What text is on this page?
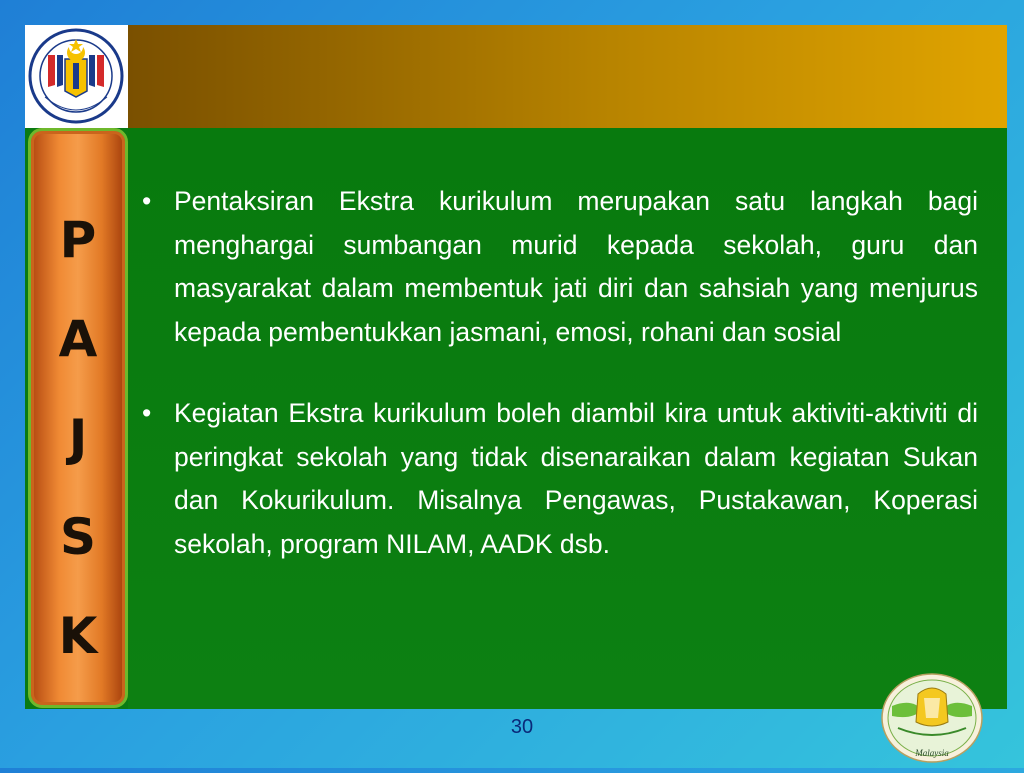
P
A
J
S
K
• Pentaksiran Ekstra kurikulum merupakan satu langkah bagi menghargai sumbangan murid kepada sekolah, guru dan masyarakat dalam membentuk jati diri dan sahsiah yang menjurus kepada pembentukkan jasmani, emosi, rohani dan sosial
• Kegiatan Ekstra kurikulum boleh diambil kira untuk aktiviti-aktiviti di peringkat sekolah yang tidak disenaraikan dalam kegiatan Sukan dan Kokurikulum. Misalnya Pengawas, Pustakawan, Koperasi sekolah, program NILAM, AADK dsb.
30
Malaysia
